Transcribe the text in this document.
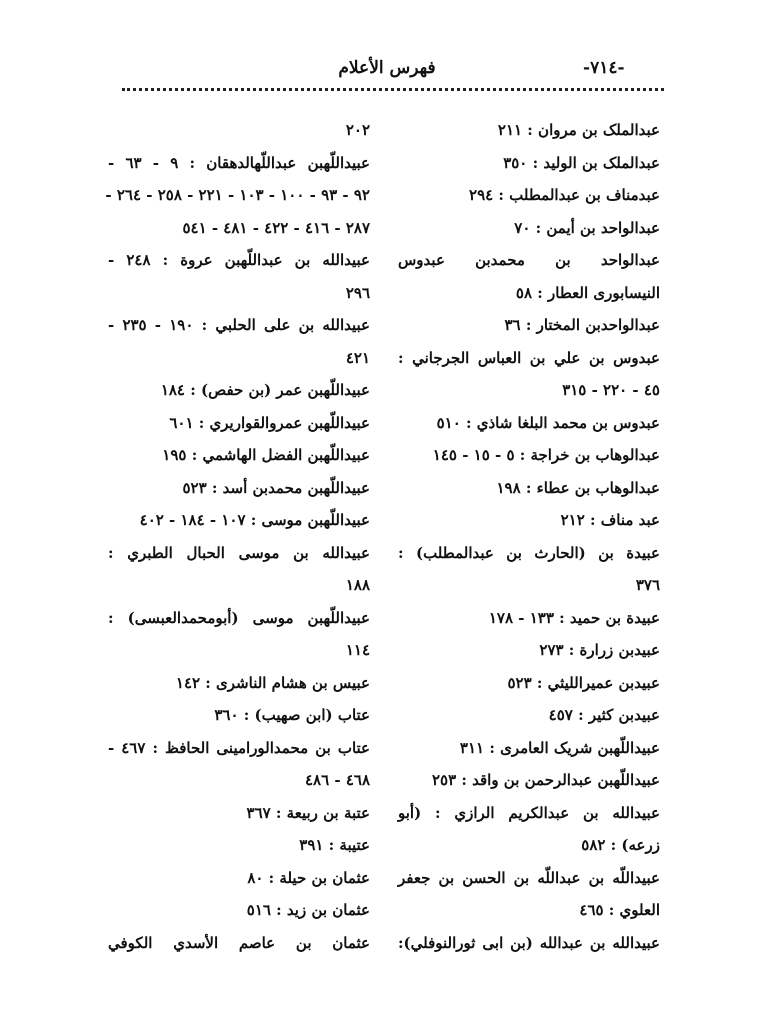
-٧١٤-
فهرس الأعلام
عبدالملک بن مروان : ٢١١
عبدالملک بن الوليد : ٣٥٠
عبدمناف بن عبدالمطلب : ٢٩٤
عبدالواحد بن أيمن : ٧٠
عبدالواحد بن محمدبن عبدوس
النيسابورى العطار : ٥٨
عبدالواحدبن المختار : ٣٦
عبدوس بن علي بن العباس الجرجاني :
٤٥ - ٢٢٠ - ٣١٥
عبدوس بن محمد البلغا شاذي : ٥١٠
عبدالوهاب بن خراجة : ٥ - ١٥ - ١٤٥
عبدالوهاب بن عطاء : ١٩٨
عبد مناف : ٢١٢
عبيدة بن (الحارث بن عبدالمطلب) :
٣٧٦
عبيدة بن حميد : ١٣٣ - ١٧٨
عبيدبن زرارة : ٢٧٣
عبيدبن عميرالليثي : ٥٢٣
عبيدبن كثير : ٤٥٧
عبيداللّهبن شريک العامری : ٣١١
عبيداللّهبن عبدالرحمن بن واقد : ٢٥٣
عبيدالله بن عبدالكريم الرازي : (أبو
زرعه) : ٥٨٢
عبيداللّه بن عبداللّه بن الحسن بن جعفر
العلوي : ٤٦٥
عبيدالله بن عبدالله (بن ابى ثورالنوفلي):
٢٠٢
عبيداللّهبن عبداللّهالدهقان : ٩ - ٦٣ -
٩٢ - ٩٣ - ١٠٠ - ١٠٣ - ٢٢١ - ٢٥٨ - ٢٦٤ -
٢٨٧ - ٤١٦ - ٤٢٢ - ٤٨١ - ٥٤١
عبيدالله بن عبداللّهبن عروة : ٢٤٨ -
٢٩٦
عبيدالله بن على الحلبي : ١٩٠ - ٢٣٥ -
٤٢١
عبيداللّهبن عمر (بن حفص) : ١٨٤
عبيداللّهبن عمروالقواريري : ٦٠١
عبيداللّهبن الفضل الهاشمي : ١٩٥
عبيداللّهبن محمدبن أسد : ٥٢٣
عبيداللّهبن موسى : ١٠٧ - ١٨٤ - ٤٠٢
عبيدالله بن موسى الحبال الطبري :
١٨٨
عبيداللّهبن موسى (أبومحمدالعبسى) :
١١٤
عبيس بن هشام الناشرى : ١٤٢
عتاب (ابن صهيب) : ٣٦٠
عتاب بن محمدالورامينى الحافظ : ٤٦٧ -
٤٦٨ - ٤٨٦
عتبة بن ربيعة : ٣٦٧
عتيبة : ٣٩١
عثمان بن حيلة : ٨٠
عثمان بن زيد : ٥١٦
عثمان بن عاصم الأسدي الكوفي
